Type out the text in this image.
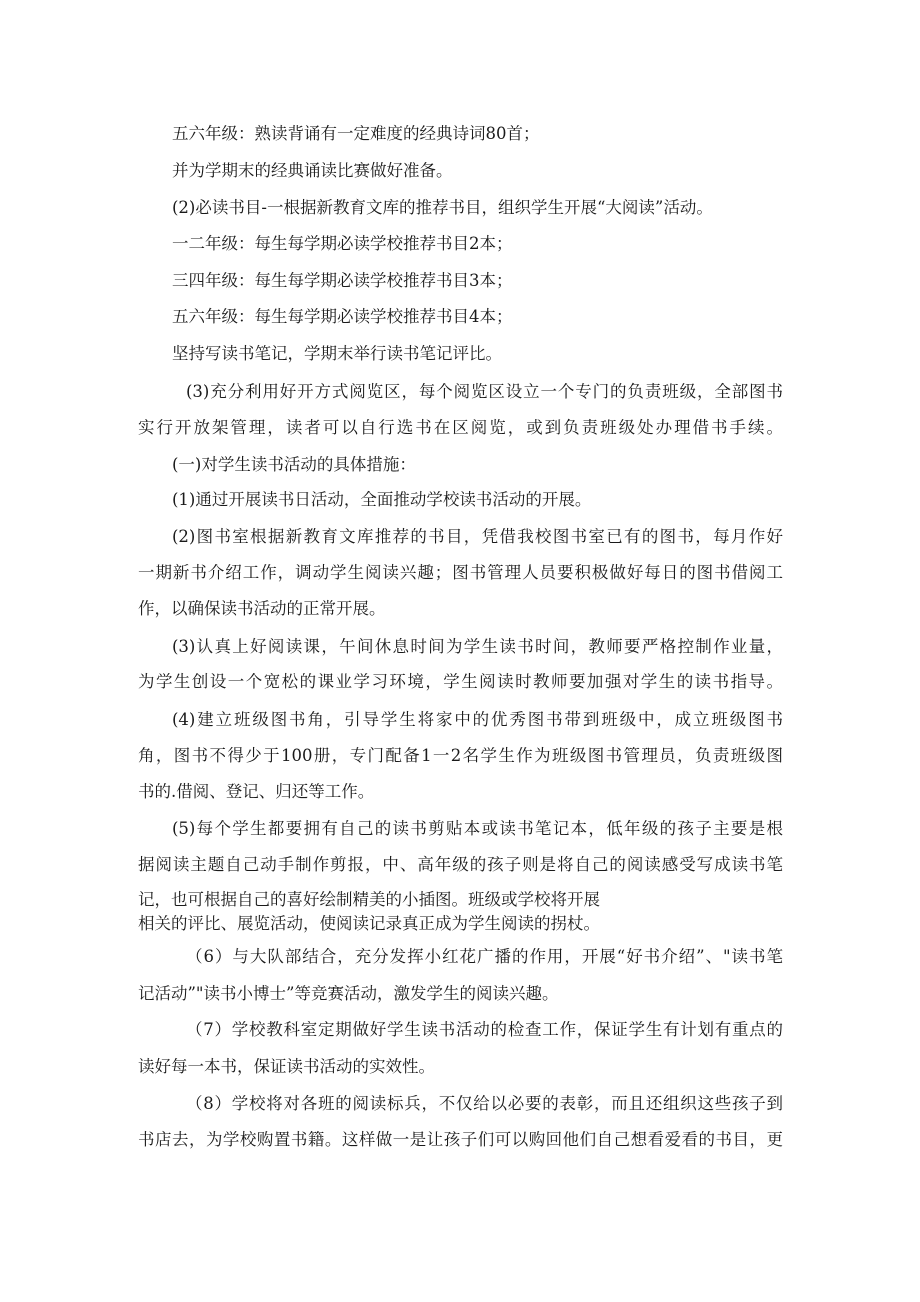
五六年级：熟读背诵有一定难度的经典诗词80首；
并为学期末的经典诵读比赛做好准备。
(2)必读书目-一根据新教育文库的推荐书目，组织学生开展“大阅读”活动。
一二年级：每生每学期必读学校推荐书目2本；
三四年级：每生每学期必读学校推荐书目3本；
五六年级：每生每学期必读学校推荐书目4本；
坚持写读书笔记，学期末举行读书笔记评比。
(3)充分利用好开方式阅览区，每个阅览区设立一个专门的负责班级，全部图书
实行开放架管理，读者可以自行选书在区阅览，或到负责班级处办理借书手续。
(一)对学生读书活动的具体措施：
(1)通过开展读书日活动，全面推动学校读书活动的开展。
(2)图书室根据新教育文库推荐的书目，凭借我校图书室已有的图书，每月作好
一期新书介绍工作，调动学生阅读兴趣；图书管理人员要积极做好每日的图书借阅工
作，以确保读书活动的正常开展。
(3)认真上好阅读课，午间休息时间为学生读书时间，教师要严格控制作业量，
为学生创设一个宽松的课业学习环境，学生阅读时教师要加强对学生的读书指导。
(4)建立班级图书角，引导学生将家中的优秀图书带到班级中，成立班级图书
角，图书不得少于100册，专门配备1一2名学生作为班级图书管理员，负责班级图
书的.借阅、登记、归还等工作。
(5)每个学生都要拥有自己的读书剪贴本或读书笔记本，低年级的孩子主要是根
据阅读主题自己动手制作剪报，中、高年级的孩子则是将自己的阅读感受写成读书笔
记，也可根据自己的喜好绘制精美的小插图。班级或学校将开展
相关的评比、展览活动，使阅读记录真正成为学生阅读的拐杖。
（6）与大队部结合，充分发挥小红花广播的作用，开展“好书介绍”、"读书笔
记活动”"读书小博士”等竞赛活动，激发学生的阅读兴趣。
（7）学校教科室定期做好学生读书活动的检查工作，保证学生有计划有重点的
读好每一本书，保证读书活动的实效性。
（8）学校将对各班的阅读标兵，不仅给以必要的表彰，而且还组织这些孩子到
书店去，为学校购置书籍。这样做一是让孩子们可以购回他们自己想看爱看的书目，更
